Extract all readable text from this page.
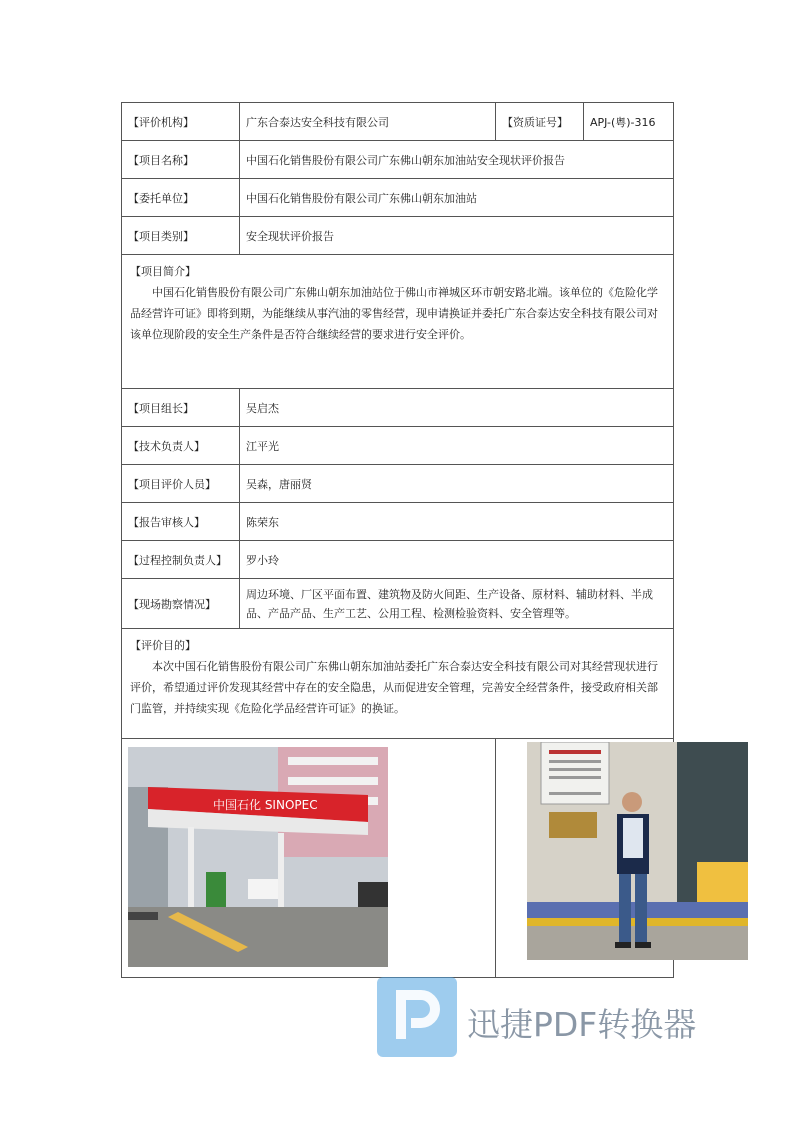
【评价机构】	广东合泰达安全科技有限公司	【资质证号】	APJ-(粤)-316
【项目名称】	中国石化销售股份有限公司广东佛山朝东加油站安全现状评价报告		
【委托单位】	中国石化销售股份有限公司广东佛山朝东加油站		
【项目类别】	安全现状评价报告		

【项目简介】
中国石化销售股份有限公司广东佛山朝东加油站位于佛山市禅城区环市朝安路北端。该单位的《危险化学品经营许可证》即将到期，为能继续从事汽油的零售经营，现申请换证并委托广东合泰达安全科技有限公司对该单位现阶段的安全生产条件是否符合继续经营的要求进行安全评价。			

【项目组长】	吴启杰		
【技术负责人】	江平光		
【项目评价人员】	吴森，唐丽贤		
【报告审核人】	陈荣东		
【过程控制负责人】	罗小玲		
【现场勘察情况】	周边环境、厂区平面布置、建筑物及防火间距、生产设备、原材料、辅助材料、半成品、产品产品、生产工艺、公用工程、检测检验资料、安全管理等。		

【评价目的】
本次中国石化销售股份有限公司广东佛山朝东加油站委托广东合泰达安全科技有限公司对其经营现状进行评价，希望通过评价发现其经营中存在的安全隐患，从而促进安全管理，完善安全经营条件，接受政府相关部门监管，并持续实现《危险化学品经营许可证》的换证。			

中国石化 SINOPEC

迅捷PDF转换器
